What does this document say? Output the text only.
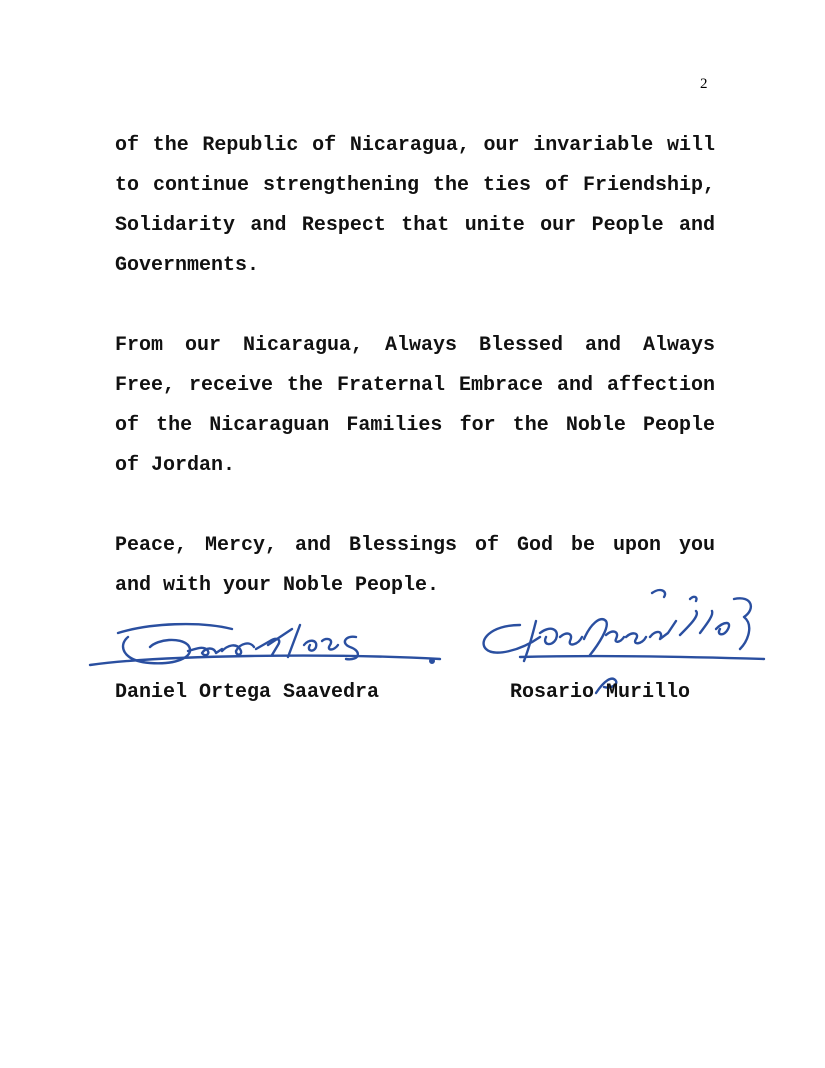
2

of the Republic of Nicaragua, our invariable will to continue strengthening the ties of Friendship, Solidarity and Respect that unite our People and Governments.

From our Nicaragua, Always Blessed and Always Free, receive the Fraternal Embrace and affection of the Nicaraguan Families for the Noble People of Jordan.

Peace, Mercy, and Blessings of God be upon you and with your Noble People.

Daniel Ortega Saavedra	Rosario Murillo
